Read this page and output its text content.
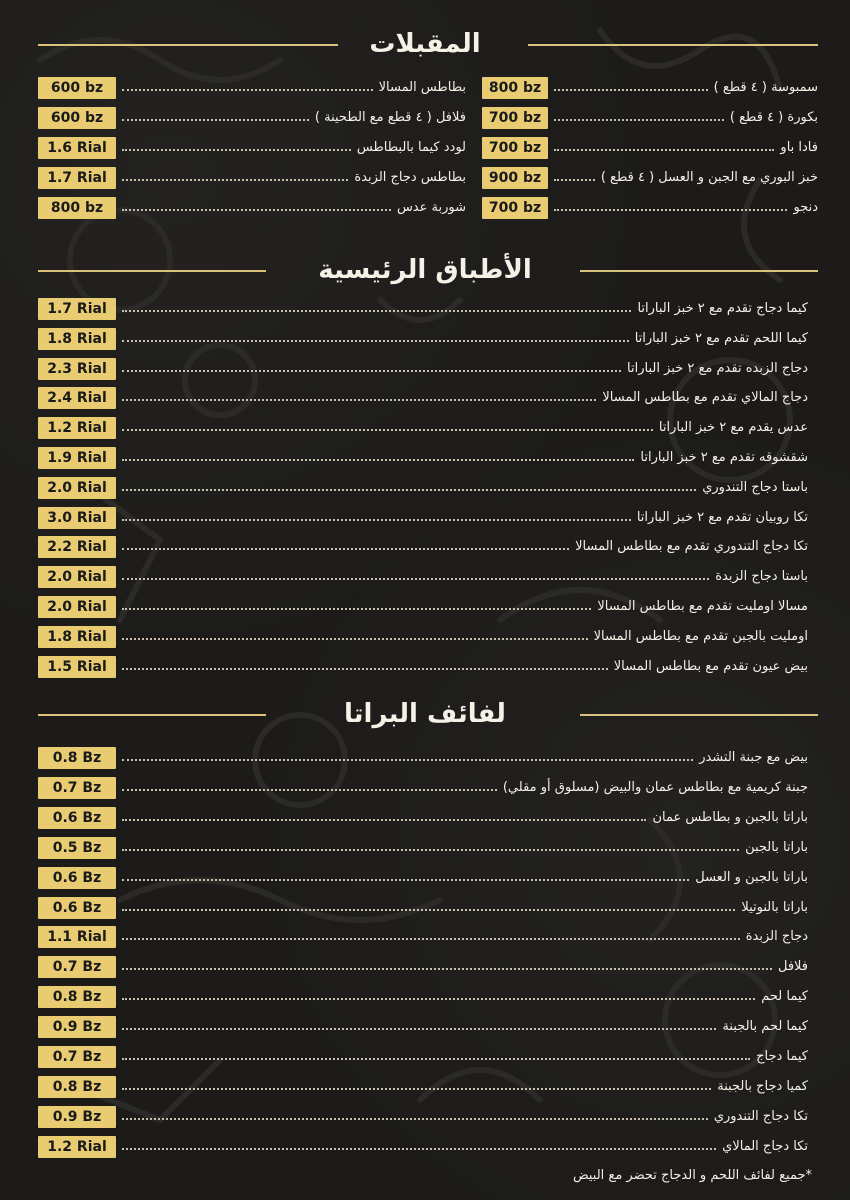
المقبلات
800 bz	سمبوسة ( ٤ قطع )
700 bz	بكورة ( ٤ قطع )
700 bz	فادا باو
900 bz	خبز البوري مع الجبن و العسل ( ٤ قطع )
700 bz	دنجو
600 bz	بطاطس المسالا
600 bz	فلافل ( ٤ قطع مع الطحينة )
1.6 Rial	لودد كيما بالبطاطس
1.7 Rial	بطاطس دجاج الزبدة
800 bz	شوربة عدس
الأطباق الرئيسية
1.7 Rial	كيما دجاج تقدم مع ٢ خبز الباراتا
1.8 Rial	كيما اللحم تقدم مع ٢ خبز الباراتا
2.3 Rial	دجاج الزبده تقدم مع ٢ خبز الباراتا
2.4 Rial	دجاج المالاي تقدم مع بطاطس المسالا
1.2 Rial	عدس يقدم مع ٢ خبز الباراتا
1.9 Rial	شقشوقه تقدم مع ٢ خبز الباراتا
2.0 Rial	باستا دجاج التندوري
3.0 Rial	تكا روبيان تقدم مع ٢ خبز الباراتا
2.2 Rial	تكا دجاج التندوري تقدم مع بطاطس المسالا
2.0 Rial	باستا دجاج الزبدة
2.0 Rial	مسالا اومليت تقدم مع بطاطس المسالا
1.8 Rial	اومليت بالجبن تقدم مع بطاطس المسالا
1.5 Rial	بيض عيون تقدم مع بطاطس المسالا
لفائف البراتا
0.8 Bz	بيض مع جبنة التشدر
0.7 Bz	جبنة كريمية مع بطاطس عمان والبيض (مسلوق أو مقلي)
0.6 Bz	باراتا بالجبن و بطاطس عمان
0.5 Bz	باراتا بالجبن
0.6 Bz	باراتا بالجبن و العسل
0.6 Bz	باراتا بالنوتيلا
1.1 Rial	دجاج الزبدة
0.7 Bz	فلافل
0.8 Bz	كيما لحم
0.9 Bz	كيما لحم بالجبنة
0.7 Bz	كيما دجاج
0.8 Bz	كميا دجاج بالجبنة
0.9 Bz	تكا دجاج التندوري
1.2 Rial	تكا دجاج المالاي
*جميع لفائف اللحم و الدجاج تحضر مع البيض
